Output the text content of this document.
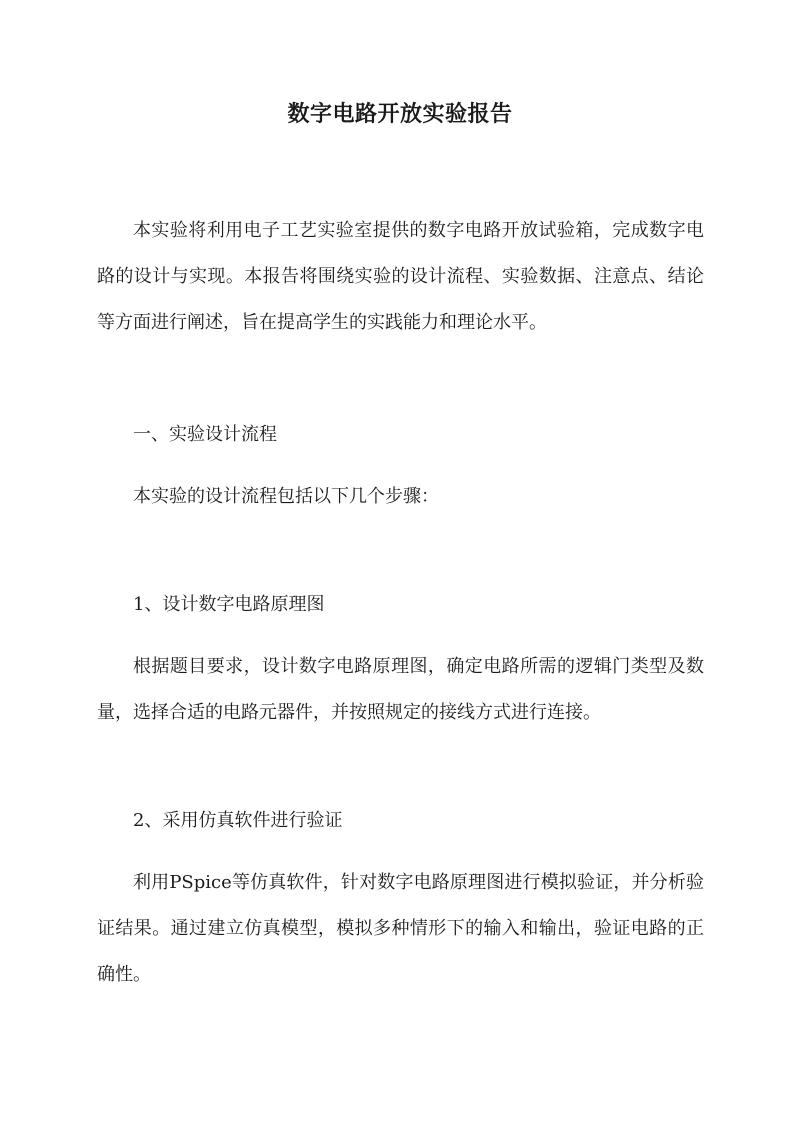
数字电路开放实验报告

本实验将利用电子工艺实验室提供的数字电路开放试验箱，完成数字电路的设计与实现。本报告将围绕实验的设计流程、实验数据、注意点、结论等方面进行阐述，旨在提高学生的实践能力和理论水平。

一、实验设计流程

本实验的设计流程包括以下几个步骤：

1、设计数字电路原理图

根据题目要求，设计数字电路原理图，确定电路所需的逻辑门类型及数量，选择合适的电路元器件，并按照规定的接线方式进行连接。

2、采用仿真软件进行验证

利用PSpice等仿真软件，针对数字电路原理图进行模拟验证，并分析验证结果。通过建立仿真模型，模拟多种情形下的输入和输出，验证电路的正确性。
